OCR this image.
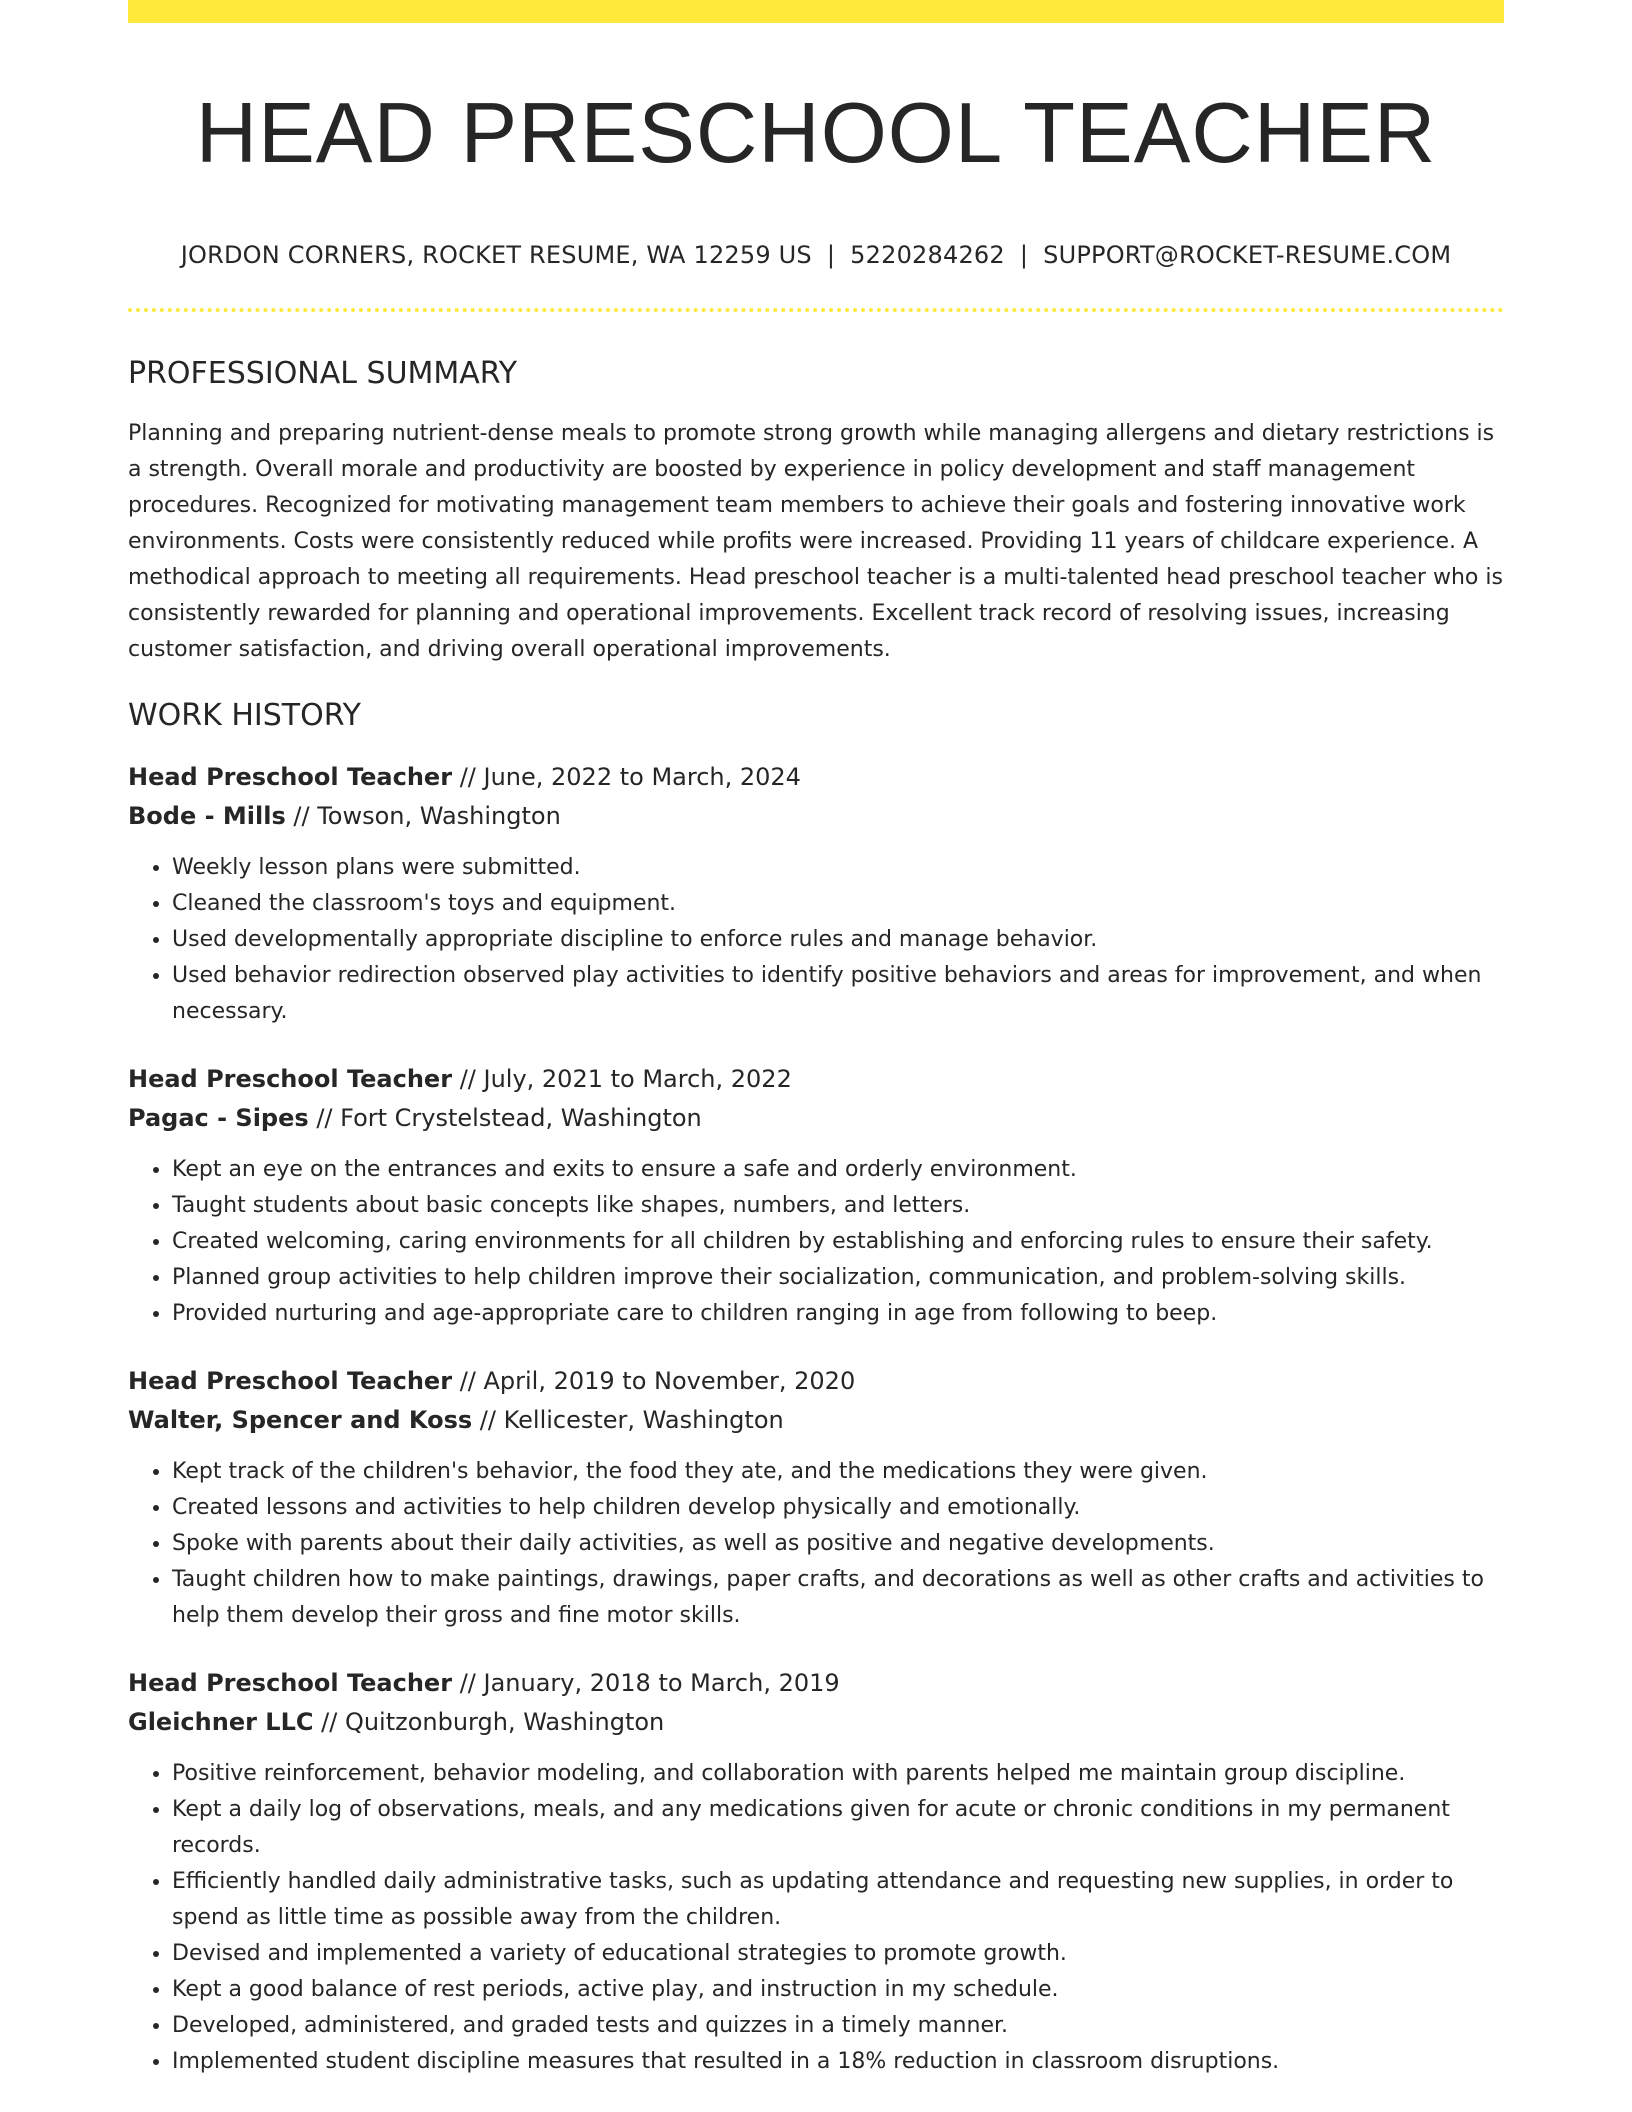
HEAD PRESCHOOL TEACHER
JORDON CORNERS, ROCKET RESUME, WA 12259 US | 5220284262 | SUPPORT@ROCKET-RESUME.COM
PROFESSIONAL SUMMARY
Planning and preparing nutrient-dense meals to promote strong growth while managing allergens and dietary restrictions is a strength. Overall morale and productivity are boosted by experience in policy development and staff management procedures. Recognized for motivating management team members to achieve their goals and fostering innovative work environments. Costs were consistently reduced while profits were increased. Providing 11 years of childcare experience. A methodical approach to meeting all requirements. Head preschool teacher is a multi-talented head preschool teacher who is consistently rewarded for planning and operational improvements. Excellent track record of resolving issues, increasing customer satisfaction, and driving overall operational improvements.
WORK HISTORY
Head Preschool Teacher // June, 2022 to March, 2024
Bode - Mills // Towson, Washington
• Weekly lesson plans were submitted.
• Cleaned the classroom's toys and equipment.
• Used developmentally appropriate discipline to enforce rules and manage behavior.
• Used behavior redirection observed play activities to identify positive behaviors and areas for improvement, and when necessary.
Head Preschool Teacher // July, 2021 to March, 2022
Pagac - Sipes // Fort Crystelstead, Washington
• Kept an eye on the entrances and exits to ensure a safe and orderly environment.
• Taught students about basic concepts like shapes, numbers, and letters.
• Created welcoming, caring environments for all children by establishing and enforcing rules to ensure their safety.
• Planned group activities to help children improve their socialization, communication, and problem-solving skills.
• Provided nurturing and age-appropriate care to children ranging in age from following to beep.
Head Preschool Teacher // April, 2019 to November, 2020
Walter, Spencer and Koss // Kellicester, Washington
• Kept track of the children's behavior, the food they ate, and the medications they were given.
• Created lessons and activities to help children develop physically and emotionally.
• Spoke with parents about their daily activities, as well as positive and negative developments.
• Taught children how to make paintings, drawings, paper crafts, and decorations as well as other crafts and activities to help them develop their gross and fine motor skills.
Head Preschool Teacher // January, 2018 to March, 2019
Gleichner LLC // Quitzonburgh, Washington
• Positive reinforcement, behavior modeling, and collaboration with parents helped me maintain group discipline.
• Kept a daily log of observations, meals, and any medications given for acute or chronic conditions in my permanent records.
• Efficiently handled daily administrative tasks, such as updating attendance and requesting new supplies, in order to spend as little time as possible away from the children.
• Devised and implemented a variety of educational strategies to promote growth.
• Kept a good balance of rest periods, active play, and instruction in my schedule.
• Developed, administered, and graded tests and quizzes in a timely manner.
• Implemented student discipline measures that resulted in a 18% reduction in classroom disruptions.
